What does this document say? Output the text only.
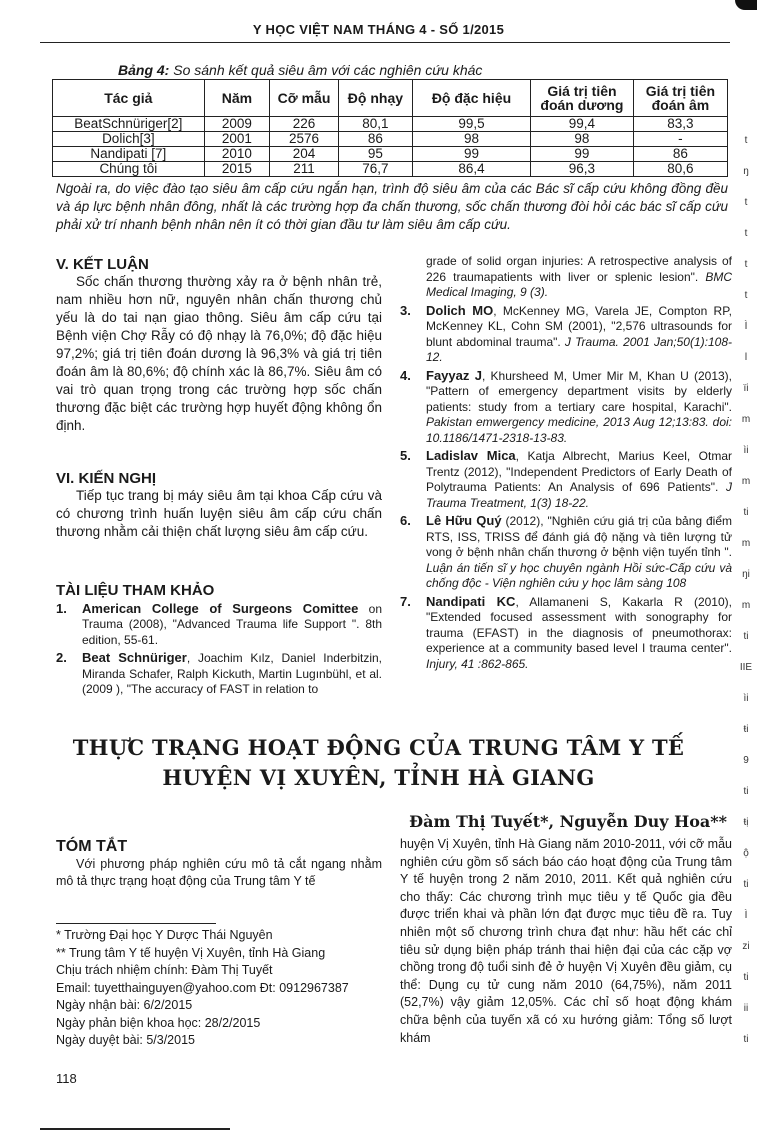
Y HỌC VIỆT NAM THÁNG 4 - SỐ 1/2015
Bảng 4: So sánh kết quả siêu âm với các nghiên cứu khác
Tác giả	Năm	Cỡ mẫu	Độ nhạy	Độ đặc hiệu	Giá trị tiên đoán dương	Giá trị tiên đoán âm
BeatSchnüriger[2]	2009	226	80,1	99,5	99,4	83,3
Dolich[3]	2001	2576	86	98	98	-
Nandipati [7]	2010	204	95	99	99	86
Chúng tôi	2015	211	76,7	86,4	96,3	80,6
Ngoài ra, do việc đào tạo siêu âm cấp cứu ngắn hạn, trình độ siêu âm của các Bác sĩ cấp cứu không đồng đều và áp lực bệnh nhân đông, nhất là các trường hợp đa chấn thương, sốc chấn thương đòi hỏi các bác sĩ cấp cứu phải xử trí nhanh bệnh nhân nên ít có thời gian đầu tư làm siêu âm cấp cứu.
V. KẾT LUẬN

Sốc chấn thương thường xảy ra ở bệnh nhân trẻ, nam nhiều hơn nữ, nguyên nhân chấn thương chủ yếu là do tai nạn giao thông. Siêu âm cấp cứu tại Bệnh viện Chợ Rẫy có độ nhạy là 76,0%; độ đặc hiệu 97,2%; giá trị tiên đoán dương là 96,3% và giá trị tiên đoán âm là 80,6%; độ chính xác là 86,7%. Siêu âm có vai trò quan trọng trong các trường hợp sốc chấn thương đặc biệt các trường hợp huyết động không ổn định.

VI. KIẾN NGHỊ

Tiếp tục trang bị máy siêu âm tại khoa Cấp cứu và có chương trình huấn luyện siêu âm cấp cứu chấn thương nhằm cải thiện chất lượng siêu âm cấp cứu.

TÀI LIỆU THAM KHẢO
1. American College of Surgeons Comittee on Trauma (2008), "Advanced Trauma life Support ". 8th edition, 55-61.
2. Beat Schnüriger, Joachim Kılz, Daniel Inderbitzin, Miranda Schafer, Ralph Kickuth, Martin Lugınbühl, et al. (2009 ), "The accuracy of FAST in relation to
grade of solid organ injuries: A retrospective analysis of 226 traumapatients with liver or splenic lesion". BMC Medical Imaging, 9 (3).
3. Dolich MO, McKenney MG, Varela JE, Compton RP, McKenney KL, Cohn SM (2001), "2,576 ultrasounds for blunt abdominal trauma". J Trauma. 2001 Jan;50(1):108-12.
4. Fayyaz J, Khursheed M, Umer Mir M, Khan U (2013), "Pattern of emergency department visits by elderly patients: study from a tertiary care hospital, Karachi". Pakistan emwergency medicine, 2013 Aug 12;13:83. doi: 10.1186/1471-2318-13-83.
5. Ladislav Mica, Katja Albrecht, Marius Keel, Otmar Trentz (2012), "Independent Predictors of Early Death of Polytrauma Patients: An Analysis of 696 Patients". J Trauma Treatment, 1(3) 18-22.
6. Lê Hữu Quý (2012), "Nghiên cứu giá trị của bảng điểm RTS, ISS, TRISS để đánh giá độ nặng và tiên lượng tử vong ở bệnh nhân chấn thương ở bệnh viện tuyến tỉnh ". Luận án tiến sĩ y học chuyên ngành Hồi sức-Cấp cứu và chống độc - Viện nghiên cứu y học lâm sàng 108
7. Nandipati KC, Allamaneni S, Kakarla R (2010), "Extended focused assessment with sonography for trauma (EFAST) in the diagnosis of pneumothorax: experience at a community based level I trauma center". Injury, 41 :862-865.
THỰC TRẠNG HOẠT ĐỘNG CỦA TRUNG TÂM Y TẾ
HUYỆN VỊ XUYÊN, TỈNH HÀ GIANG
Đàm Thị Tuyết*, Nguyễn Duy Hoa**
TÓM TẮT

Với phương pháp nghiên cứu mô tả cắt ngang nhằm mô tả thực trạng hoạt động của Trung tâm Y tế

huyện Vị Xuyên, tỉnh Hà Giang năm 2010-2011, với cỡ mẫu nghiên cứu gồm số sách báo cáo hoạt động của Trung tâm Y tế huyện trong 2 năm 2010, 2011. Kết quả nghiên cứu cho thấy: Các chương trình mục tiêu y tế Quốc gia đều được triển khai và phần lớn đạt được mục tiêu đề ra. Tuy nhiên một số chương trình chưa đạt như: hầu hết các chỉ tiêu sử dụng biện pháp tránh thai hiện đại của các cặp vợ chồng trong độ tuổi sinh đẻ ở huyện Vị Xuyên đều giảm, cụ thể: Dụng cụ tử cung năm 2010 (64,75%), năm 2011 (52,7%) vậy giảm 12,05%. Các chỉ số hoạt động khám chữa bệnh của tuyến xã có xu hướng giảm: Tổng số lượt khám
* Trường Đại học Y Dược Thái Nguyên
** Trung tâm Y tế huyện Vị Xuyên, tỉnh Hà Giang
Chịu trách nhiệm chính: Đàm Thị Tuyết
Email: tuyetthainguyen@yahoo.com Đt: 0912967387
Ngày nhận bài: 6/2/2015
Ngày phản biện khoa học: 28/2/2015
Ngày duyệt bài: 5/3/2015
118
t
ŋ
t
t
t
t
Ì
l
ïi
m
ìi
m
ti
m
ŋi
m
ti
IIE
ìi
ŧi
9
ti
ŧị
ộ
ti
Ì
zi
ti
ii
ti
